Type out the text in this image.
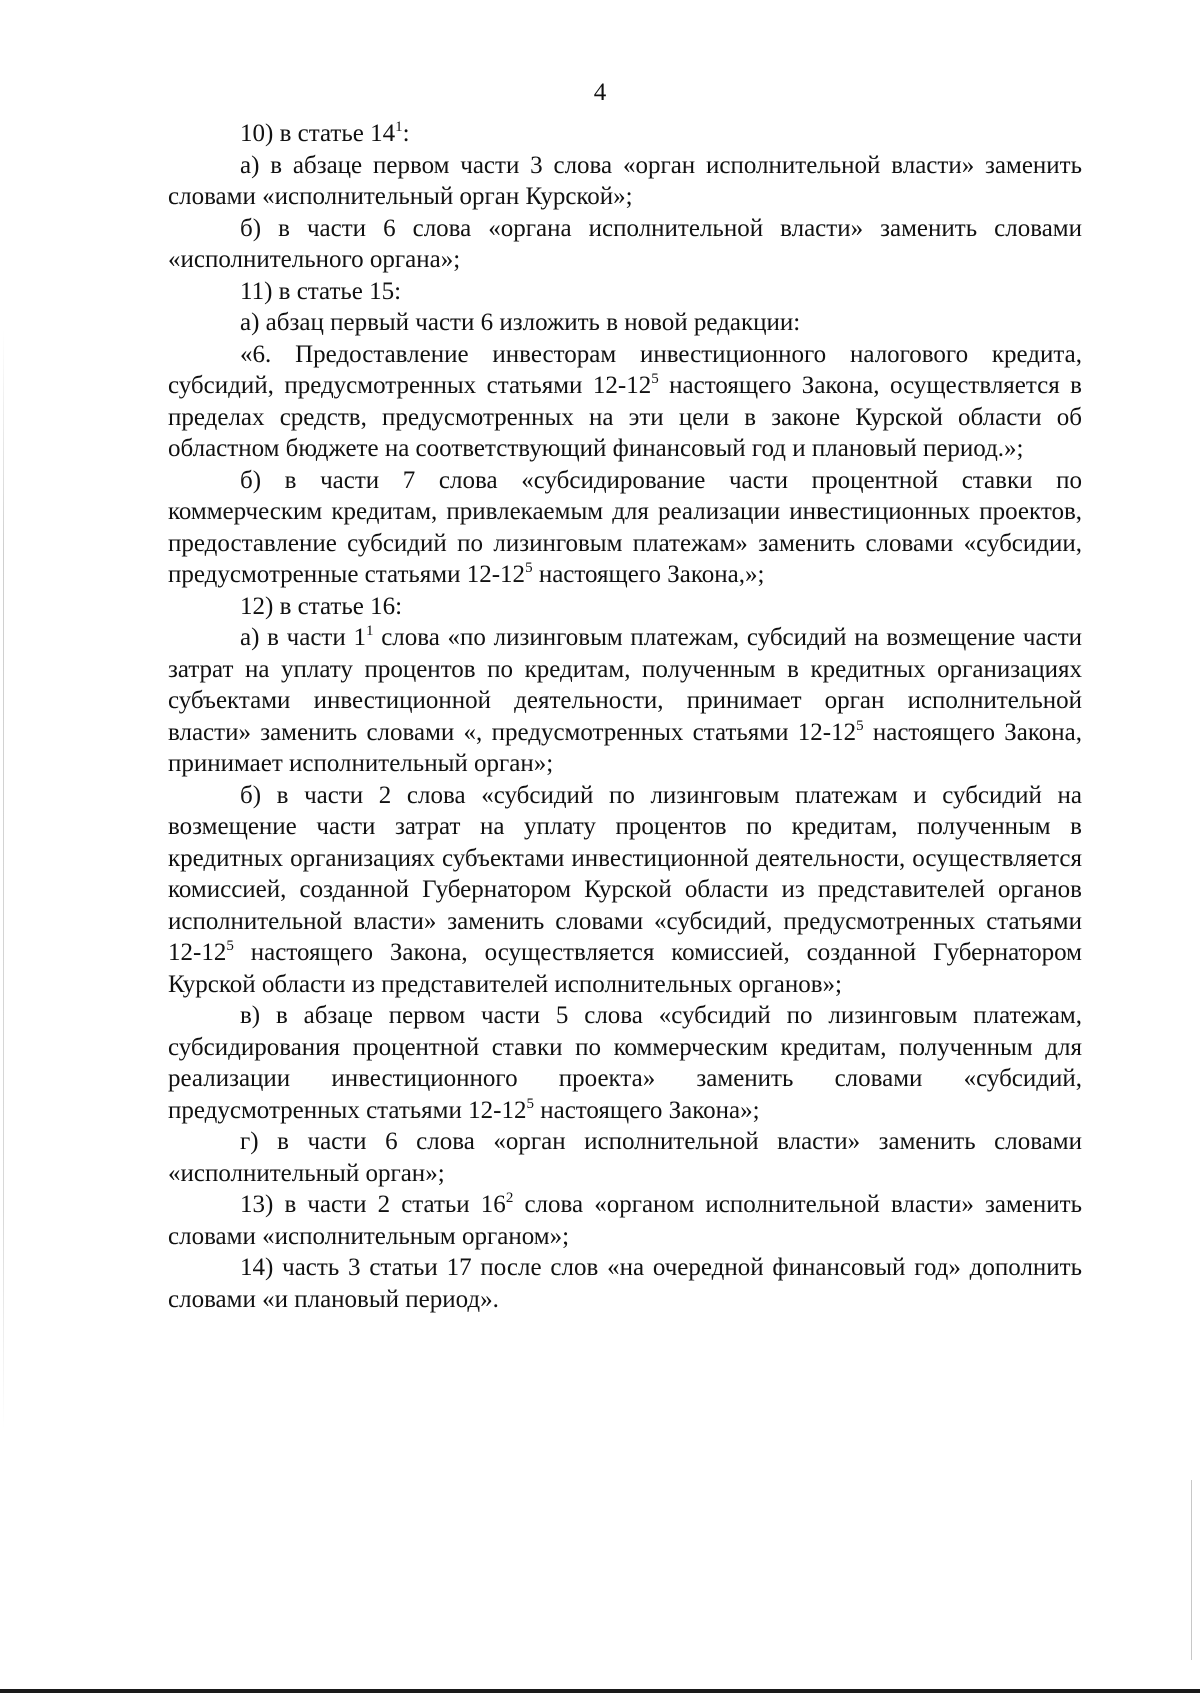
4

10) в статье $14^1$:

а) в абзаце первом части 3 слова «орган исполнительной власти» заменить словами «исполнительный орган Курской»;

б) в части 6 слова «органа исполнительной власти» заменить словами «исполнительного органа»;

11) в статье 15:

а) абзац первый части 6 изложить в новой редакции:

«6. Предоставление инвесторам инвестиционного налогового кредита, субсидий, предусмотренных статьями $12-12^5$ настоящего Закона, осуществляется в пределах средств, предусмотренных на эти цели в законе Курской области об областном бюджете на соответствующий финансовый год и плановый период.»;

б) в части 7 слова «субсидирование части процентной ставки по коммерческим кредитам, привлекаемым для реализации инвестиционных проектов, предоставление субсидий по лизинговым платежам» заменить словами «субсидии, предусмотренные статьями $12-12^5$ настоящего Закона,»;

12) в статье 16:

а) в части $1^1$ слова «по лизинговым платежам, субсидий на возмещение части затрат на уплату процентов по кредитам, полученным в кредитных организациях субъектами инвестиционной деятельности, принимает орган исполнительной власти» заменить словами «, предусмотренных статьями $12-12^5$ настоящего Закона, принимает исполнительный орган»;

б) в части 2 слова «субсидий по лизинговым платежам и субсидий на возмещение части затрат на уплату процентов по кредитам, полученным в кредитных организациях субъектами инвестиционной деятельности, осуществляется комиссией, созданной Губернатором Курской области из представителей органов исполнительной власти» заменить словами «субсидий, предусмотренных статьями $12-12^5$ настоящего Закона, осуществляется комиссией, созданной Губернатором Курской области из представителей исполнительных органов»;

в) в абзаце первом части 5 слова «субсидий по лизинговым платежам, субсидирования процентной ставки по коммерческим кредитам, полученным для реализации инвестиционного проекта» заменить словами «субсидий, предусмотренных статьями $12-12^5$ настоящего Закона»;

г) в части 6 слова «орган исполнительной власти» заменить словами «исполнительный орган»;

13) в части 2 статьи $16^2$ слова «органом исполнительной власти» заменить словами «исполнительным органом»;

14) часть 3 статьи 17 после слов «на очередной финансовый год» дополнить словами «и плановый период».
